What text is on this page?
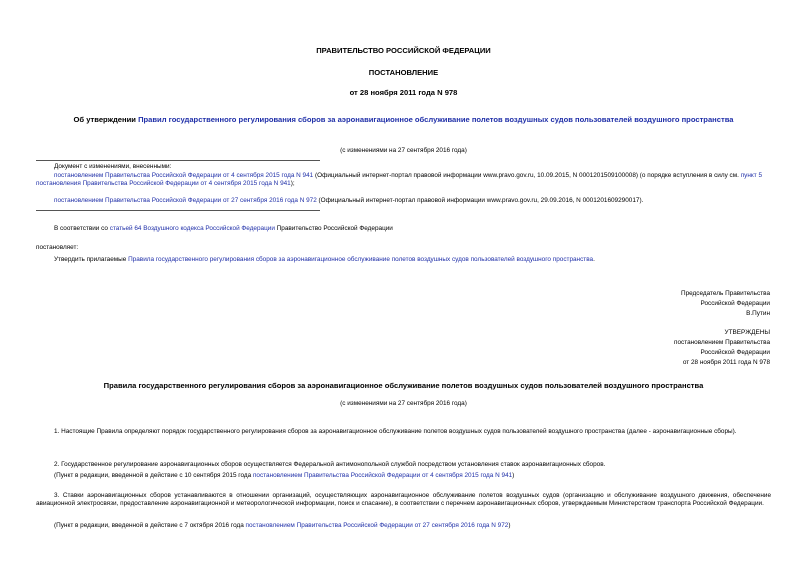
ПРАВИТЕЛЬСТВО РОССИЙСКОЙ ФЕДЕРАЦИИ
ПОСТАНОВЛЕНИЕ
от 28 ноября 2011 года N 978
Об утверждении Правил государственного регулирования сборов за аэронавигационное обслуживание полетов воздушных судов пользователей воздушного пространства
(с изменениями на 27 сентября 2016 года)
Документ с изменениями, внесенными:
постановлением Правительства Российской Федерации от 4 сентября 2015 года N 941 (Официальный интернет-портал правовой информации www.pravo.gov.ru, 10.09.2015, N 0001201509100008) (о порядке вступления в силу см. пункт 5 постановления Правительства Российской Федерации от 4 сентября 2015 года N 941);
постановлением Правительства Российской Федерации от 27 сентября 2016 года N 972 (Официальный интернет-портал правовой информации www.pravo.gov.ru, 29.09.2016, N 0001201609290017).
В соответствии со статьей 64 Воздушного кодекса Российской Федерации Правительство Российской Федерации
постановляет:
Утвердить прилагаемые Правила государственного регулирования сборов за аэронавигационное обслуживание полетов воздушных судов пользователей воздушного пространства.
Председатель Правительства
Российской Федерации
В.Путин
УТВЕРЖДЕНЫ
постановлением Правительства
Российской Федерации
от 28 ноября 2011 года N 978
Правила государственного регулирования сборов за аэронавигационное обслуживание полетов воздушных судов пользователей воздушного пространства
(с изменениями на 27 сентября 2016 года)
1. Настоящие Правила определяют порядок государственного регулирования сборов за аэронавигационное обслуживание полетов воздушных судов пользователей воздушного пространства (далее - аэронавигационные сборы).
2. Государственное регулирование аэронавигационных сборов осуществляется Федеральной антимонопольной службой посредством установления ставок аэронавигационных сборов.
(Пункт в редакции, введенной в действие с 10 сентября 2015 года постановлением Правительства Российской Федерации от 4 сентября 2015 года N 941)
3. Ставки аэронавигационных сборов устанавливаются в отношении организаций, осуществляющих аэронавигационное обслуживание полетов воздушных судов (организацию и обслуживание воздушного движения, обеспечение авиационной электросвязи, предоставление аэронавигационной и метеорологической информации, поиск и спасание), в соответствии с перечнем аэронавигационных сборов, утверждаемым Министерством транспорта Российской Федерации.
(Пункт в редакции, введенной в действие с 7 октября 2016 года постановлением Правительства Российской Федерации от 27 сентября 2016 года N 972)
